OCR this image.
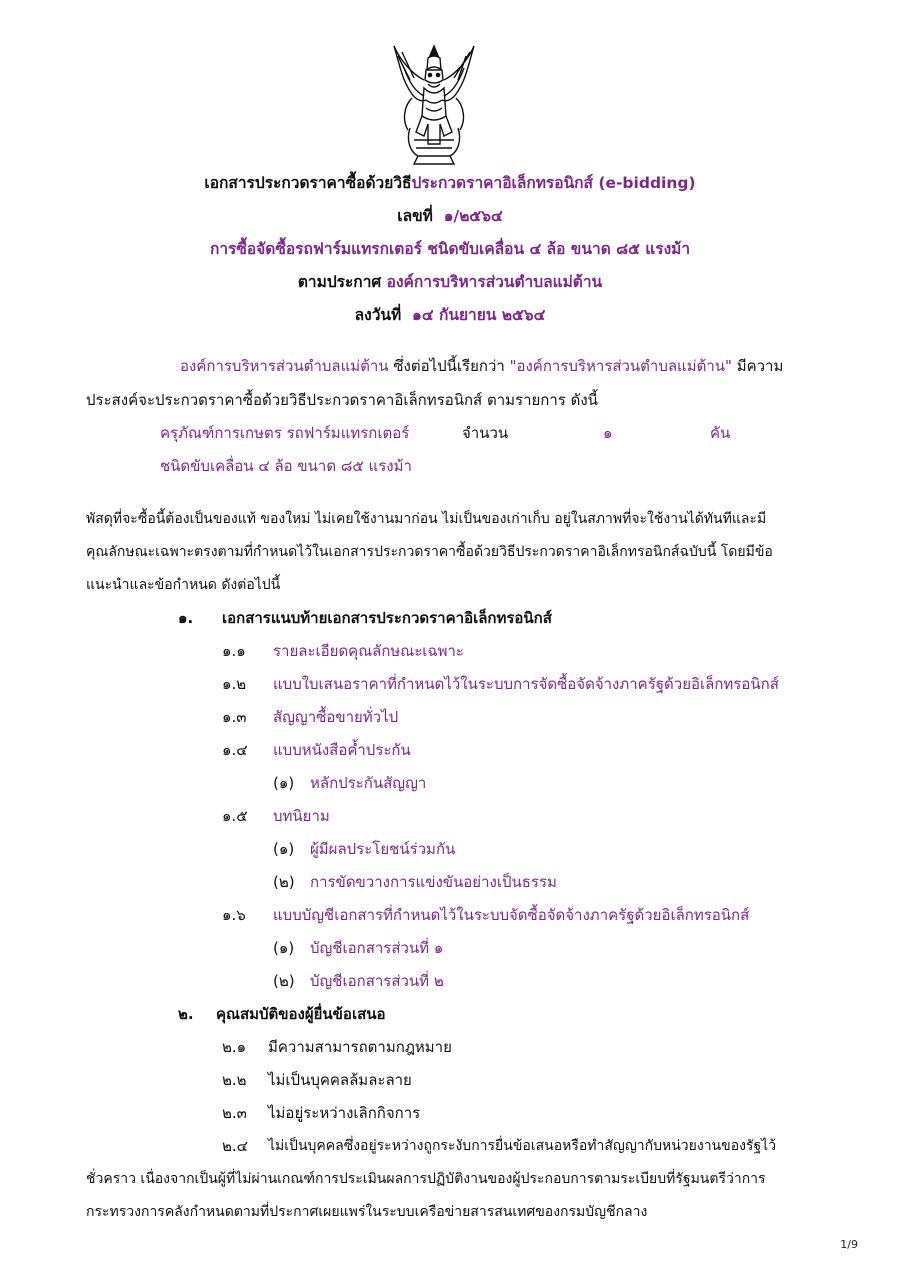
เอกสารประกวดราคาซื้อด้วยวิธีประกวดราคาอิเล็กทรอนิกส์ (e-bidding)
เลขที่ ๑/๒๕๖๔
การซื้อจัดซื้อรถฟาร์มแทรกเตอร์ ชนิดขับเคลื่อน ๔ ล้อ ขนาด ๘๕ แรงม้า
ตามประกาศ องค์การบริหารส่วนตำบลแม่ต้าน
ลงวันที่ ๑๔ กันยายน ๒๕๖๔
องค์การบริหารส่วนตำบลแม่ต้าน ซึ่งต่อไปนี้เรียกว่า "องค์การบริหารส่วนตำบลแม่ต้าน" มีความ
ประสงค์จะประกวดราคาซื้อด้วยวิธีประกวดราคาอิเล็กทรอนิกส์ ตามรายการ ดังนี้
ครุภัณฑ์การเกษตร รถฟาร์มแทรกเตอร์	จำนวน	๑	คัน
ชนิดขับเคลื่อน ๔ ล้อ ขนาด ๘๕ แรงม้า
พัสดุที่จะซื้อนี้ต้องเป็นของแท้ ของใหม่ ไม่เคยใช้งานมาก่อน ไม่เป็นของเก่าเก็บ อยู่ในสภาพที่จะใช้งานได้ทันทีและมี
คุณลักษณะเฉพาะตรงตามที่กำหนดไว้ในเอกสารประกวดราคาซื้อด้วยวิธีประกวดราคาอิเล็กทรอนิกส์ฉบับนี้ โดยมีข้อ
แนะนำและข้อกำหนด ดังต่อไปนี้
๑. เอกสารแนบท้ายเอกสารประกวดราคาอิเล็กทรอนิกส์
๑.๑ รายละเอียดคุณลักษณะเฉพาะ
๑.๒ แบบใบเสนอราคาที่กำหนดไว้ในระบบการจัดซื้อจัดจ้างภาครัฐด้วยอิเล็กทรอนิกส์
๑.๓ สัญญาซื้อขายทั่วไป
๑.๔ แบบหนังสือค้ำประกัน
(๑) หลักประกันสัญญา
๑.๕ บทนิยาม
(๑) ผู้มีผลประโยชน์ร่วมกัน
(๒) การขัดขวางการแข่งขันอย่างเป็นธรรม
๑.๖ แบบบัญชีเอกสารที่กำหนดไว้ในระบบจัดซื้อจัดจ้างภาครัฐด้วยอิเล็กทรอนิกส์
(๑) บัญชีเอกสารส่วนที่ ๑
(๒) บัญชีเอกสารส่วนที่ ๒
๒. คุณสมบัติของผู้ยื่นข้อเสนอ
๒.๑ มีความสามารถตามกฎหมาย
๒.๒ ไม่เป็นบุคคลล้มละลาย
๒.๓ ไม่อยู่ระหว่างเลิกกิจการ
๒.๔ ไม่เป็นบุคคลซึ่งอยู่ระหว่างถูกระงับการยื่นข้อเสนอหรือทำสัญญากับหน่วยงานของรัฐไว้
ชั่วคราว เนื่องจากเป็นผู้ที่ไม่ผ่านเกณฑ์การประเมินผลการปฏิบัติงานของผู้ประกอบการตามระเบียบที่รัฐมนตรีว่าการ
กระทรวงการคลังกำหนดตามที่ประกาศเผยแพร่ในระบบเครือข่ายสารสนเทศของกรมบัญชีกลาง
1/9
